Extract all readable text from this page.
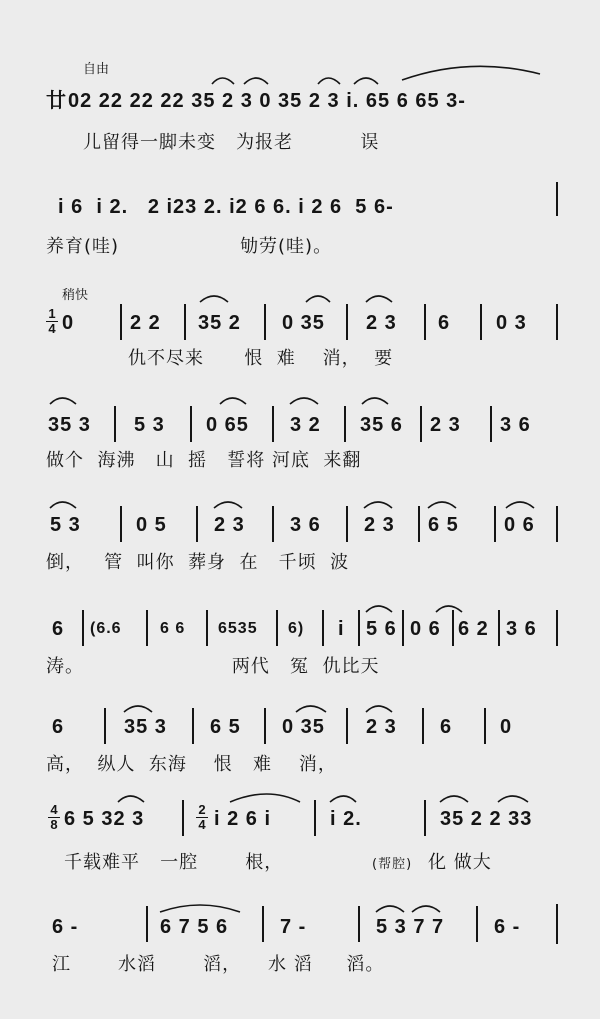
自由
廿 02 22 22 22 35 2 3 0 35 2 3 i. 65 6 65 3-
儿留得一脚未变   为报老          误
i 6  i 2.   2 i23 2. i2 6 6. i 2 6  5 6-
养育(哇)                  劬劳(哇)。
稍快
1
4 0	2 2 35 2 0 35 2 3 6 0 3
仇不尽来      恨  难    消，  要
35 3 5 3 0 65 3 2 35 6 2 3 3 6
做个  海沸   山  摇   誓将 河底  来翻
5 3	0 5 2 3 3 6 2 3 6 5 0 6
倒，   管  叫你  葬身  在   千顷  波
6 (6.6 6 6 6535 6) i 5 6 0 6 6 2 3 6
涛。                      两代   冤  仇比天
6	35 3 6 5 0 35 2 3 6 0
高，  纵人  东海    恨   难    消，
4
8 6 5 32 3	2
4 i 2 6 i	i 2.	35 2 2 33
千载难平   一腔       根，	(帮腔) 化 做大
6 -	6 7 5 6	7 -	5 3 7 7 6 -
江       水滔       滔，    水 滔     滔。
